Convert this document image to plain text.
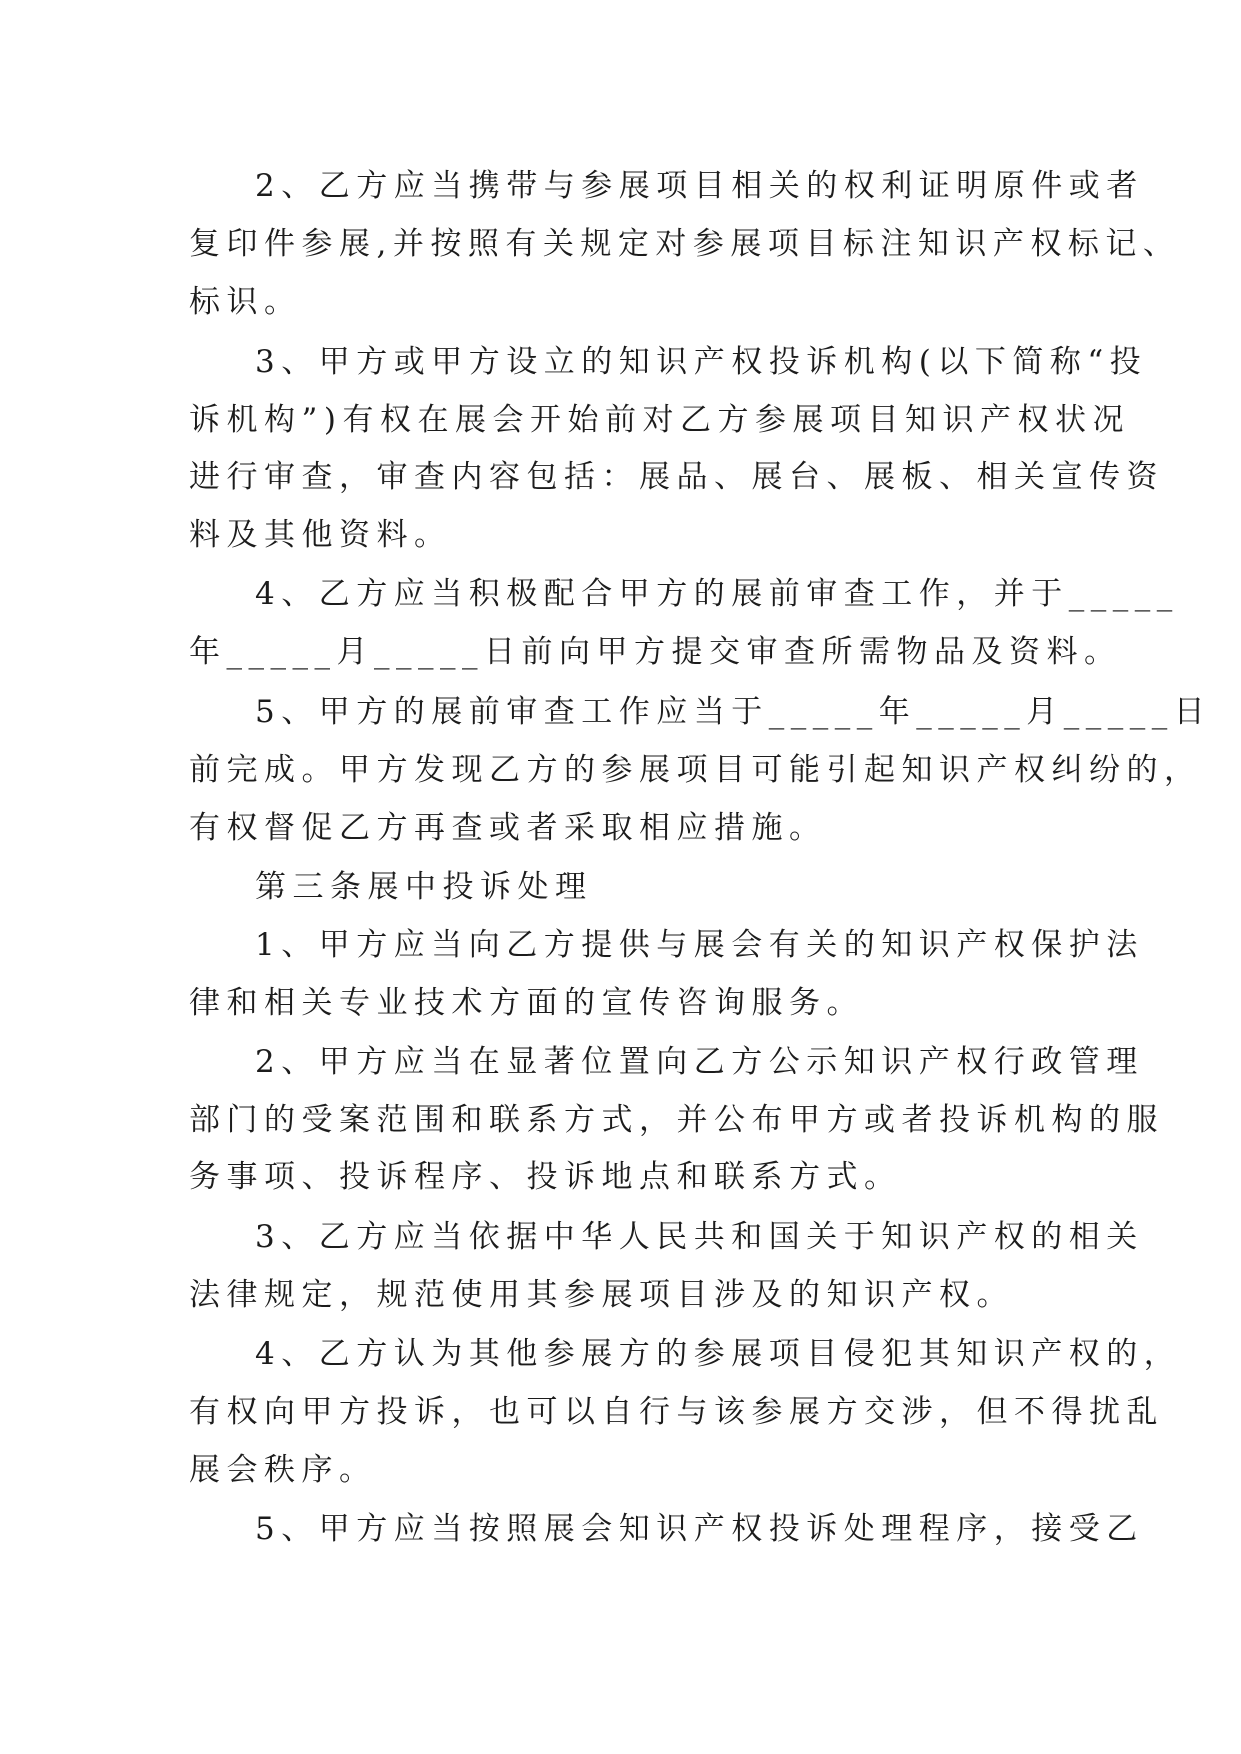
2、乙方应当携带与参展项目相关的权利证明原件或者
复印件参展,并按照有关规定对参展项目标注知识产权标记、
标识。
3、甲方或甲方设立的知识产权投诉机构(以下简称“投
诉机构”)有权在展会开始前对乙方参展项目知识产权状况
进行审查，审查内容包括：展品、展台、展板、相关宣传资
料及其他资料。
4、乙方应当积极配合甲方的展前审查工作，并于_____
年_____月_____日前向甲方提交审查所需物品及资料。
5、甲方的展前审查工作应当于_____年_____月_____日
前完成。甲方发现乙方的参展项目可能引起知识产权纠纷的，
有权督促乙方再查或者采取相应措施。
第三条展中投诉处理
1、甲方应当向乙方提供与展会有关的知识产权保护法
律和相关专业技术方面的宣传咨询服务。
2、甲方应当在显著位置向乙方公示知识产权行政管理
部门的受案范围和联系方式，并公布甲方或者投诉机构的服
务事项、投诉程序、投诉地点和联系方式。
3、乙方应当依据中华人民共和国关于知识产权的相关
法律规定，规范使用其参展项目涉及的知识产权。
4、乙方认为其他参展方的参展项目侵犯其知识产权的，
有权向甲方投诉，也可以自行与该参展方交涉，但不得扰乱
展会秩序。
5、甲方应当按照展会知识产权投诉处理程序，接受乙
